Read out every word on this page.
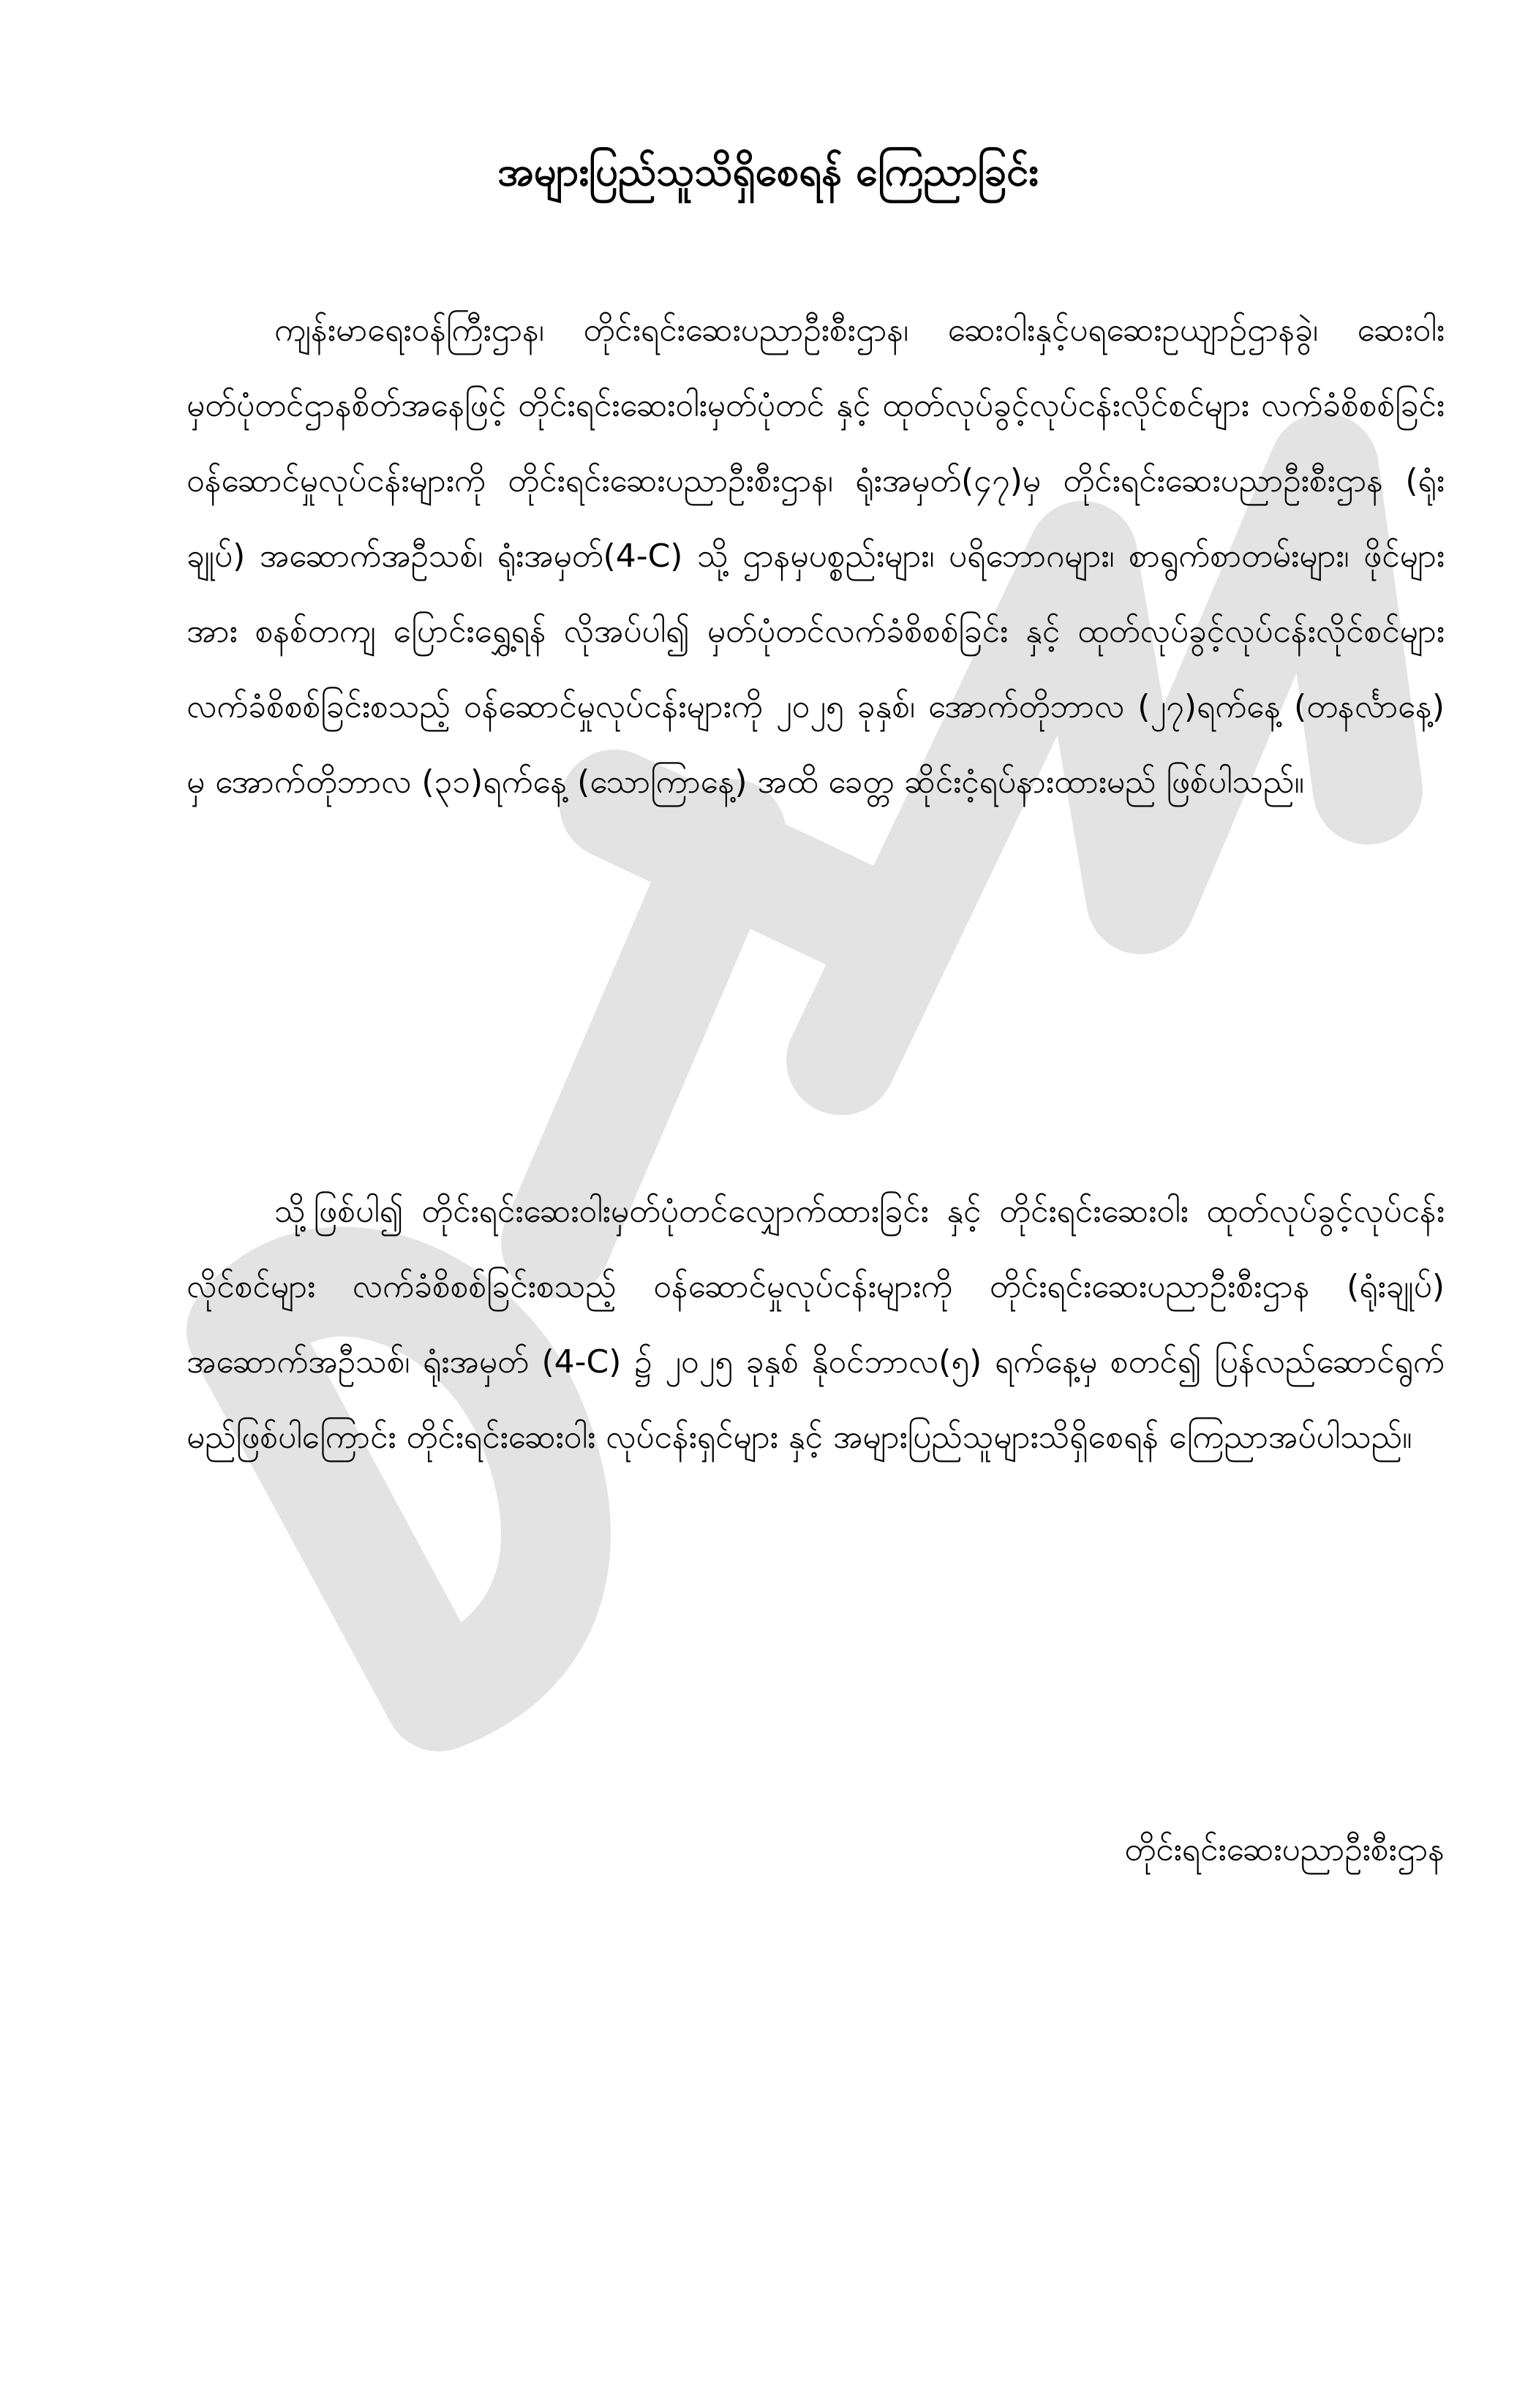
အများပြည်သူသိရှိစေရန် ကြေညာခြင်း

ကျန်းမာရေးဝန်ကြီးဌာန၊ တိုင်းရင်းဆေးပညာဦးစီးဌာန၊ ဆေးဝါးနှင့်ပရဆေးဥယျာဉ်ဌာနခွဲ၊ ဆေးဝါးမှတ်ပုံတင်ဌာနစိတ်အနေဖြင့် တိုင်းရင်းဆေးဝါးမှတ်ပုံတင် နှင့် ထုတ်လုပ်ခွင့်လုပ်ငန်းလိုင်စင်များ လက်ခံစိစစ်ခြင်း ဝန်ဆောင်မှုလုပ်ငန်းများကို တိုင်းရင်းဆေးပညာဦးစီးဌာန၊ ရုံးအမှတ်(၄၇)မှ တိုင်းရင်းဆေးပညာဦးစီးဌာန (ရုံးချုပ်) အဆောက်အဦသစ်၊ ရုံးအမှတ်(4-C) သို့ ဌာနမှပစ္စည်းများ၊ ပရိဘောဂများ၊ စာရွက်စာတမ်းများ၊ ဖိုင်များအား စနစ်တကျ ပြောင်းရွှေ့ရန် လိုအပ်ပါ၍ မှတ်ပုံတင်လက်ခံစိစစ်ခြင်း နှင့် ထုတ်လုပ်ခွင့်လုပ်ငန်းလိုင်စင်များလက်ခံစိစစ်ခြင်းစသည့် ဝန်ဆောင်မှုလုပ်ငန်းများကို ၂၀၂၅ ခုနှစ်၊ အောက်တိုဘာလ (၂၇)ရက်နေ့ (တနင်္လာနေ့) မှ အောက်တိုဘာလ (၃၁)ရက်နေ့ (သောကြာနေ့) အထိ ခေတ္တ ဆိုင်းငံ့ရပ်နားထားမည် ဖြစ်ပါသည်။

သို့ဖြစ်ပါ၍ တိုင်းရင်းဆေးဝါးမှတ်ပုံတင်လျှောက်ထားခြင်း နှင့် တိုင်းရင်းဆေးဝါး ထုတ်လုပ်ခွင့်လုပ်ငန်းလိုင်စင်များ လက်ခံစိစစ်ခြင်းစသည့် ဝန်ဆောင်မှုလုပ်ငန်းများကို တိုင်းရင်းဆေးပညာဦးစီးဌာန (ရုံးချုပ်) အဆောက်အဦသစ်၊ ရုံးအမှတ် (4-C) ၌ ၂၀၂၅ ခုနှစ် နိုဝင်ဘာလ(၅) ရက်နေ့မှ စတင်၍ ပြန်လည်ဆောင်ရွက်မည်ဖြစ်ပါကြောင်း တိုင်းရင်းဆေးဝါး လုပ်ငန်းရှင်များ နှင့် အများပြည်သူများသိရှိစေရန် ကြေညာအပ်ပါသည်။

တိုင်းရင်းဆေးပညာဦးစီးဌာန
